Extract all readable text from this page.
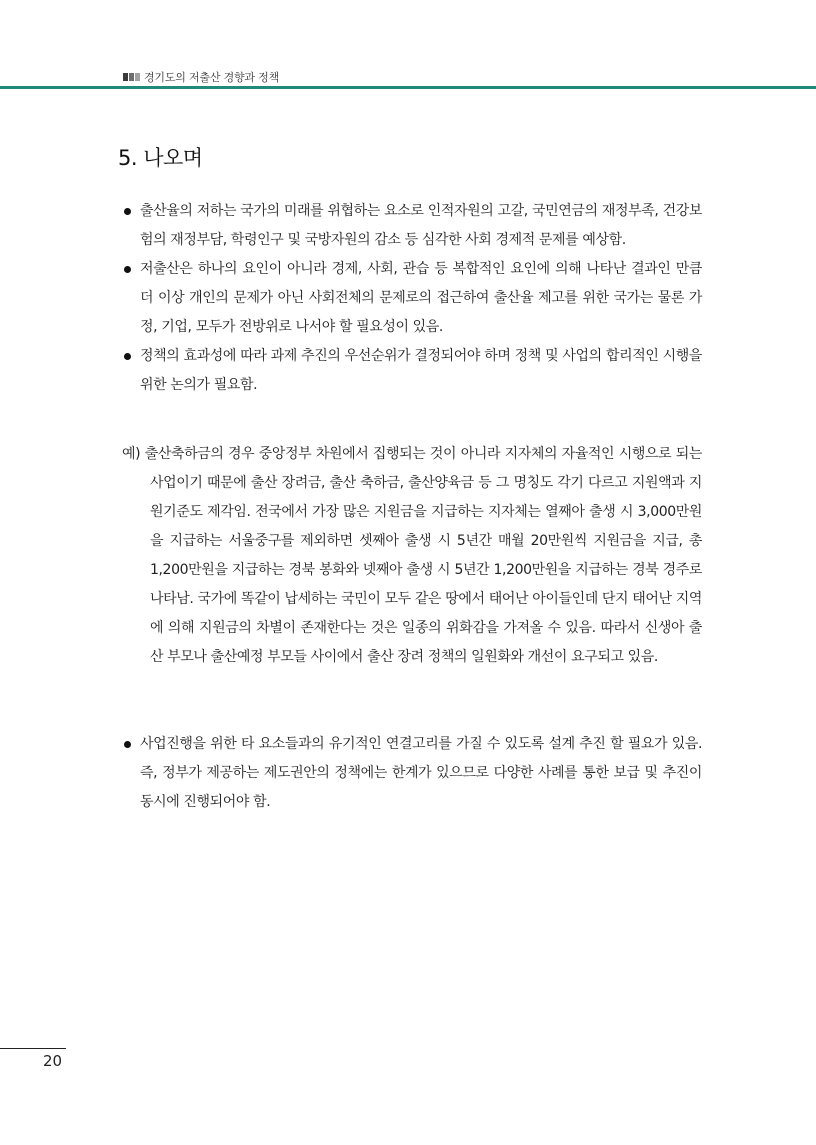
경기도의 저출산 경향과 정책
5. 나오며

출산율의 저하는 국가의 미래를 위협하는 요소로 인적자원의 고갈, 국민연금의 재정부족, 건강보험의 재정부담, 학령인구 및 국방자원의 감소 등 심각한 사회 경제적 문제를 예상함.

저출산은 하나의 요인이 아니라 경제, 사회, 관습 등 복합적인 요인에 의해 나타난 결과인 만큼 더 이상 개인의 문제가 아닌 사회전체의 문제로의 접근하여 출산율 제고를 위한 국가는 물론 가정, 기업, 모두가 전방위로 나서야 할 필요성이 있음.

정책의 효과성에 따라 과제 추진의 우선순위가 결정되어야 하며 정책 및 사업의 합리적인 시행을 위한 논의가 필요함.

예) 출산축하금의 경우 중앙정부 차원에서 집행되는 것이 아니라 지자체의 자율적인 시행으로 되는 사업이기 때문에 출산 장려금, 출산 축하금, 출산양육금 등 그 명칭도 각기 다르고 지원액과 지원기준도 제각임. 전국에서 가장 많은 지원금을 지급하는 지자체는 열째아 출생 시 3,000만원을 지급하는 서울중구를 제외하면 셋째아 출생 시 5년간 매월 20만원씩 지원금을 지급, 총 1,200만원을 지급하는 경북 봉화와 넷째아 출생 시 5년간 1,200만원을 지급하는 경북 경주로 나타남. 국가에 똑같이 납세하는 국민이 모두 같은 땅에서 태어난 아이들인데 단지 태어난 지역에 의해 지원금의 차별이 존재한다는 것은 일종의 위화감을 가져올 수 있음. 따라서 신생아 출산 부모나 출산예정 부모들 사이에서 출산 장려 정책의 일원화와 개선이 요구되고 있음.

사업진행을 위한 타 요소들과의 유기적인 연결고리를 가질 수 있도록 설계 추진 할 필요가 있음. 즉, 정부가 제공하는 제도권안의 정책에는 한계가 있으므로 다양한 사례를 통한 보급 및 추진이 동시에 진행되어야 함.

20
